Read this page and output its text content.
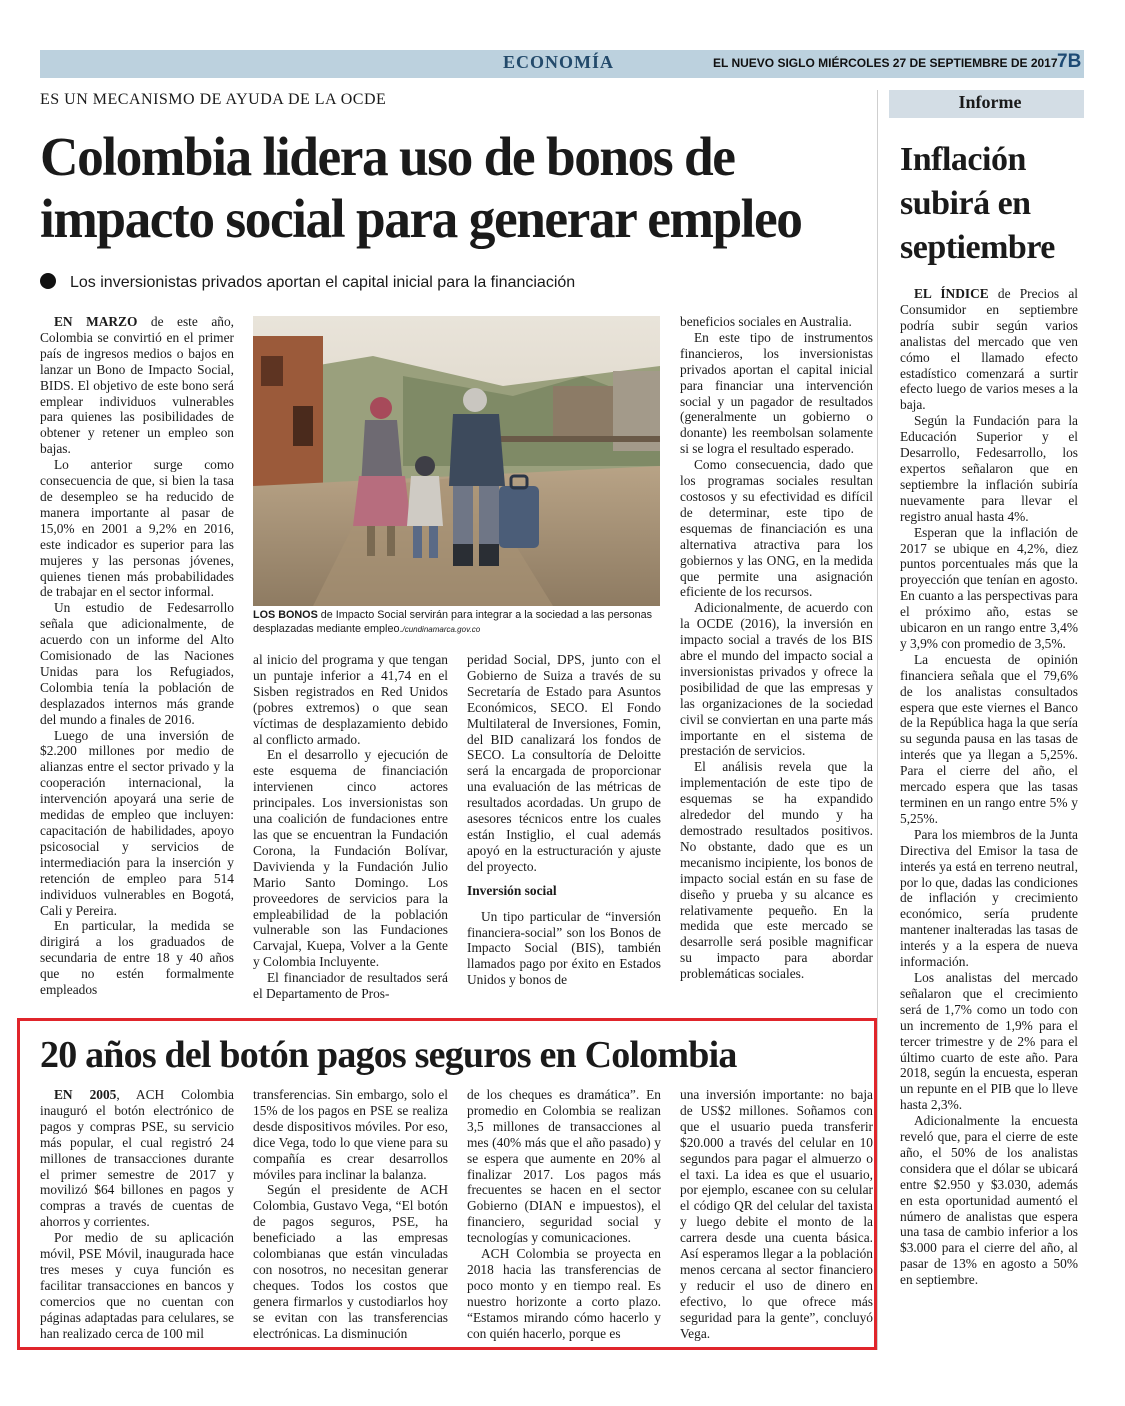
ECONOMÍA	EL NUEVO SIGLO MIÉRCOLES 27 DE SEPTIEMBRE DE 2017 7B
ES UN MECANISMO DE AYUDA DE LA OCDE
Colombia lidera uso de bonos de
impacto social para generar empleo
Los inversionistas privados aportan el capital inicial para la financiación

EN MARZO de este año, Colombia se convirtió en el primer país de ingresos medios o bajos en lanzar un Bono de Impacto Social, BIDS. El objetivo de este bono será emplear individuos vulnerables para quienes las posibilidades de obtener y retener un empleo son bajas.

Lo anterior surge como consecuencia de que, si bien la tasa de desempleo se ha reducido de manera importante al pasar de 15,0% en 2001 a 9,2% en 2016, este indicador es superior para las mujeres y las personas jóvenes, quienes tienen más probabilidades de trabajar en el sector informal.

Un estudio de Fedesarrollo señala que adicionalmente, de acuerdo con un informe del Alto Comisionado de las Naciones Unidas para los Refugiados, Colombia tenía la población de desplazados internos más grande del mundo a finales de 2016.

Luego de una inversión de $2.200 millones por medio de alianzas entre el sector privado y la cooperación internacional, la intervención apoyará una serie de medidas de empleo que incluyen: capacitación de habilidades, apoyo psicosocial y servicios de intermediación para la inserción y retención de empleo para 514 individuos vulnerables en Bogotá, Cali y Pereira.

En particular, la medida se dirigirá a los graduados de secundaria de entre 18 y 40 años que no estén formalmente empleados

LOS BONOS de Impacto Social servirán para integrar a la sociedad a las personas desplazadas mediante empleo./cundinamarca.gov.co

al inicio del programa y que tengan un puntaje inferior a 41,74 en el Sisben registrados en Red Unidos (pobres extremos) o que sean víctimas de desplazamiento debido al conflicto armado.

En el desarrollo y ejecución de este esquema de financiación intervienen cinco actores principales. Los inversionistas son una coalición de fundaciones entre las que se encuentran la Fundación Corona, la Fundación Bolívar, Davivienda y la Fundación Julio Mario Santo Domingo. Los proveedores de servicios para la empleabilidad de la población vulnerable son las Fundaciones Carvajal, Kuepa, Volver a la Gente y Colombia Incluyente.

El financiador de resultados será el Departamento de Pros-

peridad Social, DPS, junto con el Gobierno de Suiza a través de su Secretaría de Estado para Asuntos Económicos, SECO. El Fondo Multilateral de Inversiones, Fomin, del BID canalizará los fondos de SECO. La consultoría de Deloitte será la encargada de proporcionar una evaluación de las métricas de resultados acordadas. Un grupo de asesores técnicos entre los cuales están Instiglio, el cual además apoyó en la estructuración y ajuste del proyecto.

Inversión social

Un tipo particular de “inversión financiera-social” son los Bonos de Impacto Social (BIS), también llamados pago por éxito en Estados Unidos y bonos de

beneficios sociales en Australia.

En este tipo de instrumentos financieros, los inversionistas privados aportan el capital inicial para financiar una intervención social y un pagador de resultados (generalmente un gobierno o donante) les reembolsan solamente si se logra el resultado esperado.

Como consecuencia, dado que los programas sociales resultan costosos y su efectividad es difícil de determinar, este tipo de esquemas de financiación es una alternativa atractiva para los gobiernos y las ONG, en la medida que permite una asignación eficiente de los recursos.

Adicionalmente, de acuerdo con la OCDE (2016), la inversión en impacto social a través de los BIS abre el mundo del impacto social a inversionistas privados y ofrece la posibilidad de que las empresas y las organizaciones de la sociedad civil se conviertan en una parte más importante en el sistema de prestación de servicios.

El análisis revela que la implementación de este tipo de esquemas se ha expandido alrededor del mundo y ha demostrado resultados positivos. No obstante, dado que es un mecanismo incipiente, los bonos de impacto social están en su fase de diseño y prueba y su alcance es relativamente pequeño. En la medida que este mercado se desarrolle será posible magnificar su impacto para abordar problemáticas sociales.

Informe
Inflación subirá en septiembre

EL ÍNDICE de Precios al Consumidor en septiembre podría subir según varios analistas del mercado que ven cómo el llamado efecto estadístico comenzará a surtir efecto luego de varios meses a la baja.

Según la Fundación para la Educación Superior y el Desarrollo, Fedesarrollo, los expertos señalaron que en septiembre la inflación subiría nuevamente para llevar el registro anual hasta 4%.

Esperan que la inflación de 2017 se ubique en 4,2%, diez puntos porcentuales más que la proyección que tenían en agosto. En cuanto a las perspectivas para el próximo año, estas se ubicaron en un rango entre 3,4% y 3,9% con promedio de 3,5%.

La encuesta de opinión financiera señala que el 79,6% de los analistas consultados espera que este viernes el Banco de la República haga la que sería su segunda pausa en las tasas de interés que ya llegan a 5,25%. Para el cierre del año, el mercado espera que las tasas terminen en un rango entre 5% y 5,25%.

Para los miembros de la Junta Directiva del Emisor la tasa de interés ya está en terreno neutral, por lo que, dadas las condiciones de inflación y crecimiento económico, sería prudente mantener inalteradas las tasas de interés y a la espera de nueva información.

Los analistas del mercado señalaron que el crecimiento será de 1,7% como un todo con un incremento de 1,9% para el tercer trimestre y de 2% para el último cuarto de este año. Para 2018, según la encuesta, esperan un repunte en el PIB que lo lleve hasta 2,3%.

Adicionalmente la encuesta reveló que, para el cierre de este año, el 50% de los analistas considera que el dólar se ubicará entre $2.950 y $3.030, además en esta oportunidad aumentó el número de analistas que espera una tasa de cambio inferior a los $3.000 para el cierre del año, al pasar de 13% en agosto a 50% en septiembre.

20 años del botón pagos seguros en Colombia

EN 2005, ACH Colombia inauguró el botón electrónico de pagos y compras PSE, su servicio más popular, el cual registró 24 millones de transacciones durante el primer semestre de 2017 y movilizó $64 billones en pagos y compras a través de cuentas de ahorros y corrientes.

Por medio de su aplicación móvil, PSE Móvil, inaugurada hace tres meses y cuya función es facilitar transacciones en bancos y comercios que no cuentan con páginas adaptadas para celulares, se han realizado cerca de 100 mil

transferencias. Sin embargo, solo el 15% de los pagos en PSE se realiza desde dispositivos móviles. Por eso, dice Vega, todo lo que viene para su compañía es crear desarrollos móviles para inclinar la balanza.

Según el presidente de ACH Colombia, Gustavo Vega, “El botón de pagos seguros, PSE, ha beneficiado a las empresas colombianas que están vinculadas con nosotros, no necesitan generar cheques. Todos los costos que genera firmarlos y custodiarlos hoy se evitan con las transferencias electrónicas. La disminución

de los cheques es dramática”. En promedio en Colombia se realizan 3,5 millones de transacciones al mes (40% más que el año pasado) y se espera que aumente en 20% al finalizar 2017. Los pagos más frecuentes se hacen en el sector Gobierno (DIAN e impuestos), el financiero, seguridad social y tecnologías y comunicaciones.

ACH Colombia se proyecta en 2018 hacia las transferencias de poco monto y en tiempo real. Es nuestro horizonte a corto plazo. “Estamos mirando cómo hacerlo y con quién hacerlo, porque es

una inversión importante: no baja de US$2 millones. Soñamos con que el usuario pueda transferir $20.000 a través del celular en 10 segundos para pagar el almuerzo o el taxi. La idea es que el usuario, por ejemplo, escanee con su celular el código QR del celular del taxista y luego debite el monto de la carrera desde una cuenta básica. Así esperamos llegar a la población menos cercana al sector financiero y reducir el uso de dinero en efectivo, lo que ofrece más seguridad para la gente”, concluyó Vega.
